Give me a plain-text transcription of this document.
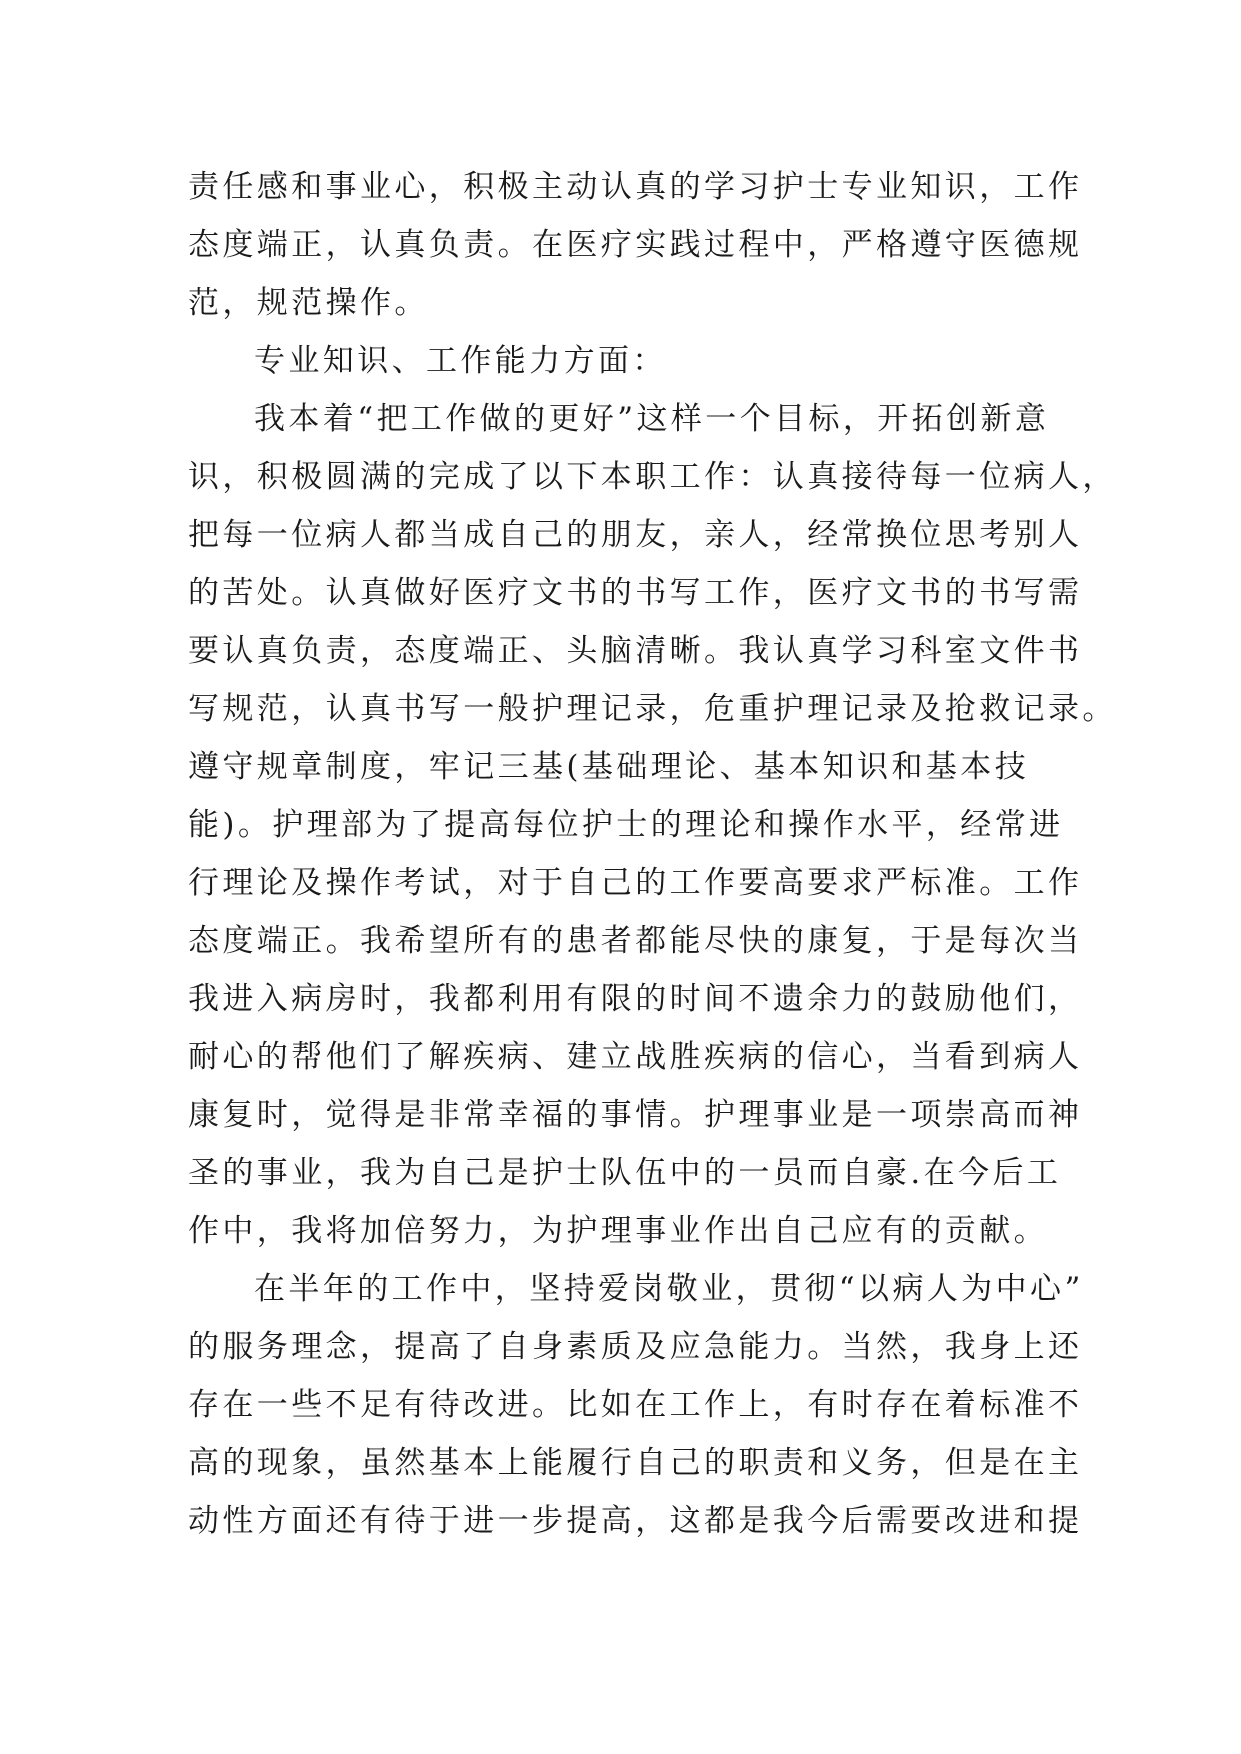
责任感和事业心，积极主动认真的学习护士专业知识，工作
态度端正，认真负责。在医疗实践过程中，严格遵守医德规
范，规范操作。
专业知识、工作能力方面：
我本着“把工作做的更好”这样一个目标，开拓创新意
识，积极圆满的完成了以下本职工作：认真接待每一位病人，
把每一位病人都当成自己的朋友，亲人，经常换位思考别人
的苦处。认真做好医疗文书的书写工作，医疗文书的书写需
要认真负责，态度端正、头脑清晰。我认真学习科室文件书
写规范，认真书写一般护理记录，危重护理记录及抢救记录。
遵守规章制度，牢记三基(基础理论、基本知识和基本技
能)。护理部为了提高每位护士的理论和操作水平，经常进
行理论及操作考试，对于自己的工作要高要求严标准。工作
态度端正。我希望所有的患者都能尽快的康复，于是每次当
我进入病房时，我都利用有限的时间不遗余力的鼓励他们，
耐心的帮他们了解疾病、建立战胜疾病的信心，当看到病人
康复时，觉得是非常幸福的事情。护理事业是一项崇高而神
圣的事业，我为自己是护士队伍中的一员而自豪.在今后工
作中，我将加倍努力，为护理事业作出自己应有的贡献。
在半年的工作中，坚持爱岗敬业，贯彻“以病人为中心”
的服务理念，提高了自身素质及应急能力。当然，我身上还
存在一些不足有待改进。比如在工作上，有时存在着标准不
高的现象，虽然基本上能履行自己的职责和义务，但是在主
动性方面还有待于进一步提高，这都是我今后需要改进和提
